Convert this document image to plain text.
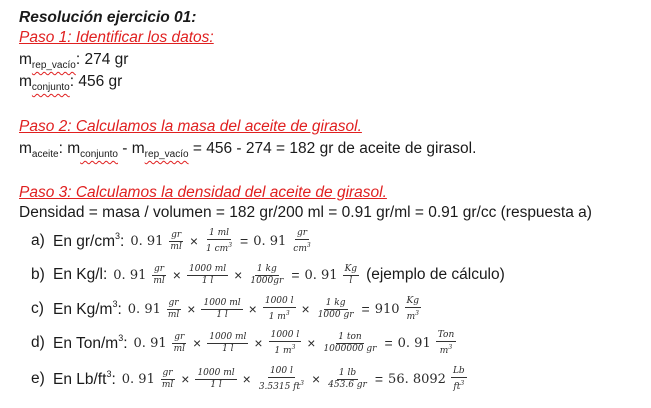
Resolución ejercicio 01:
Paso 1: Identificar los datos:
$m_{rep\_vacío}$: 274 gr
$m_{conjunto}$: 456 gr
Paso 2: Calculamos la masa del aceite de girasol.
$m_{aceite}$: $m_{conjunto} - m_{rep\_vacío} = 456 - 274 = 182$ gr de aceite de girasol.
Paso 3: Calculamos la densidad del aceite de girasol.
Densidad = masa / volumen = 182 gr/200 ml = 0.91 gr/ml = 0.91 gr/cc (respuesta a)
a) En $gr/cm^3$: 0. $91 \frac{gr}{ml} \times \frac{1 ml}{1 cm^3} = 0$. $91 \frac{gr}{cm^3}$
b) En Kg/l: 0. $91 \frac{gr}{ml} \times \frac{1000 ml}{1 l} \times \frac{1 kg}{1000gr} = 0$. $91 \frac{Kg}{l}$ (ejemplo de cálculo)
c) En $Kg/m^3$: 0. $91 \frac{gr}{ml} \times \frac{1000 ml}{1 l} \times \frac{1000 l}{1 m^3} \times \frac{1 kg}{1000 gr} = 910 \frac{Kg}{m^3}$
d) En Ton/$m^3$: 0. $91 \frac{gr}{ml} \times \frac{1000 ml}{1 l} \times \frac{1000 l}{1 m^3} \times \frac{\text{1 ton}}{1000000 gr} = 0$. $91 \frac{\text{Ton}}{m^3}$
e) En $Lb/ft^3$: 0. $91 \frac{gr}{ml} \times \frac{1000 ml}{1 l} \times \frac{100 l}{3.5315 ft^3} \times \frac{1 lb}{453.6 gr} = 56$. $8092 \frac{Lb}{ft^3}$
